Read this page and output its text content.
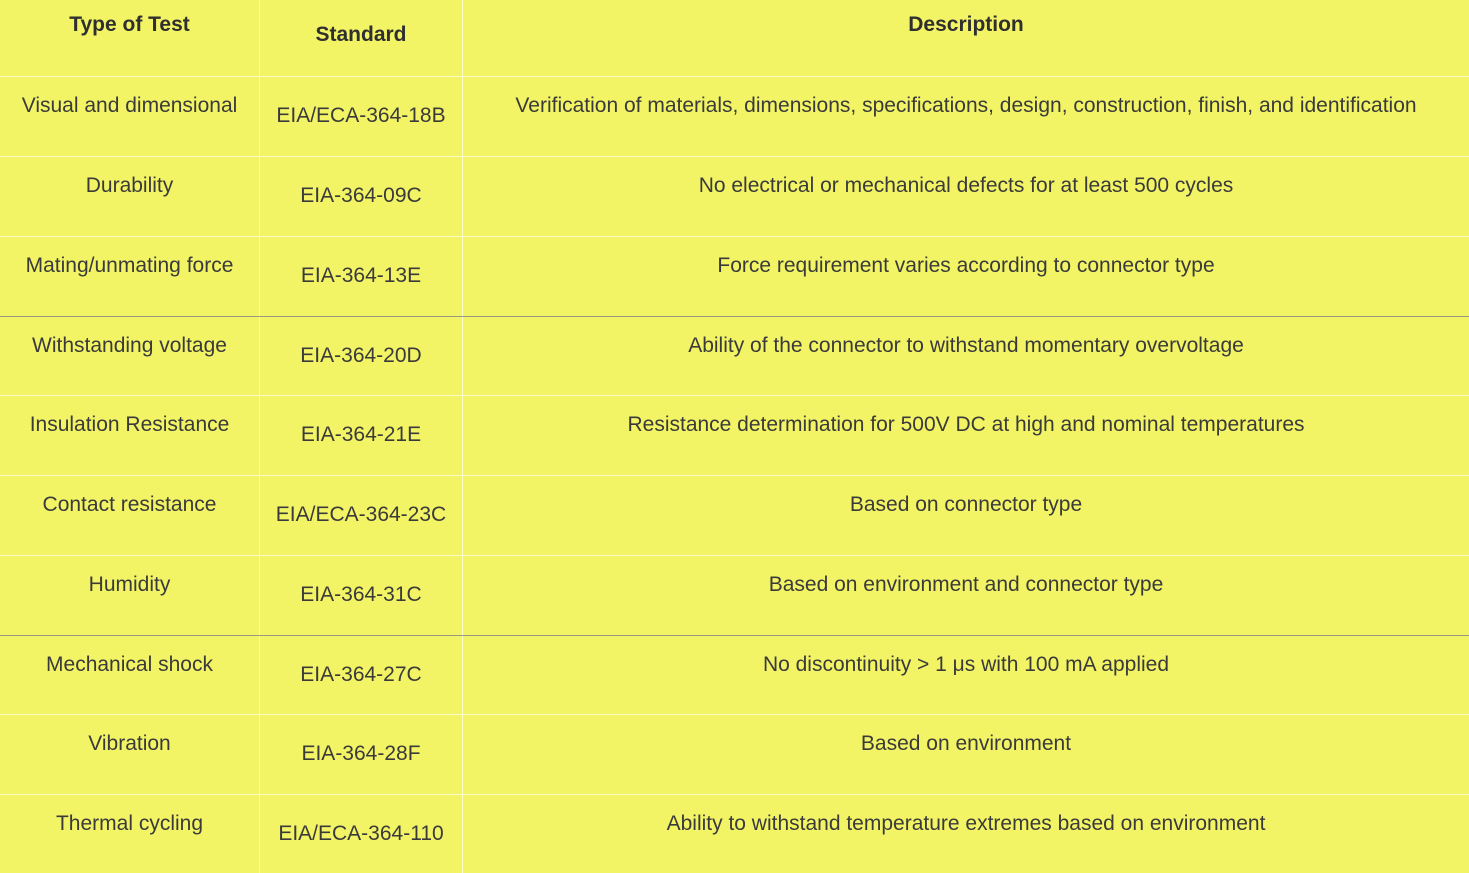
Type of Test	Standard	Description
Visual and dimensional	EIA/ECA-364-18B	Verification of materials, dimensions, specifications, design, construction, finish, and identification
Durability	EIA-364-09C	No electrical or mechanical defects for at least 500 cycles
Mating/unmating force	EIA-364-13E	Force requirement varies according to connector type
Withstanding voltage	EIA-364-20D	Ability of the connector to withstand momentary overvoltage
Insulation Resistance	EIA-364-21E	Resistance determination for 500V DC at high and nominal temperatures
Contact resistance	EIA/ECA-364-23C	Based on connector type
Humidity	EIA-364-31C	Based on environment and connector type
Mechanical shock	EIA-364-27C	No discontinuity > 1 μs with 100 mA applied
Vibration	EIA-364-28F	Based on environment
Thermal cycling	EIA/ECA-364-110	Ability to withstand temperature extremes based on environment
